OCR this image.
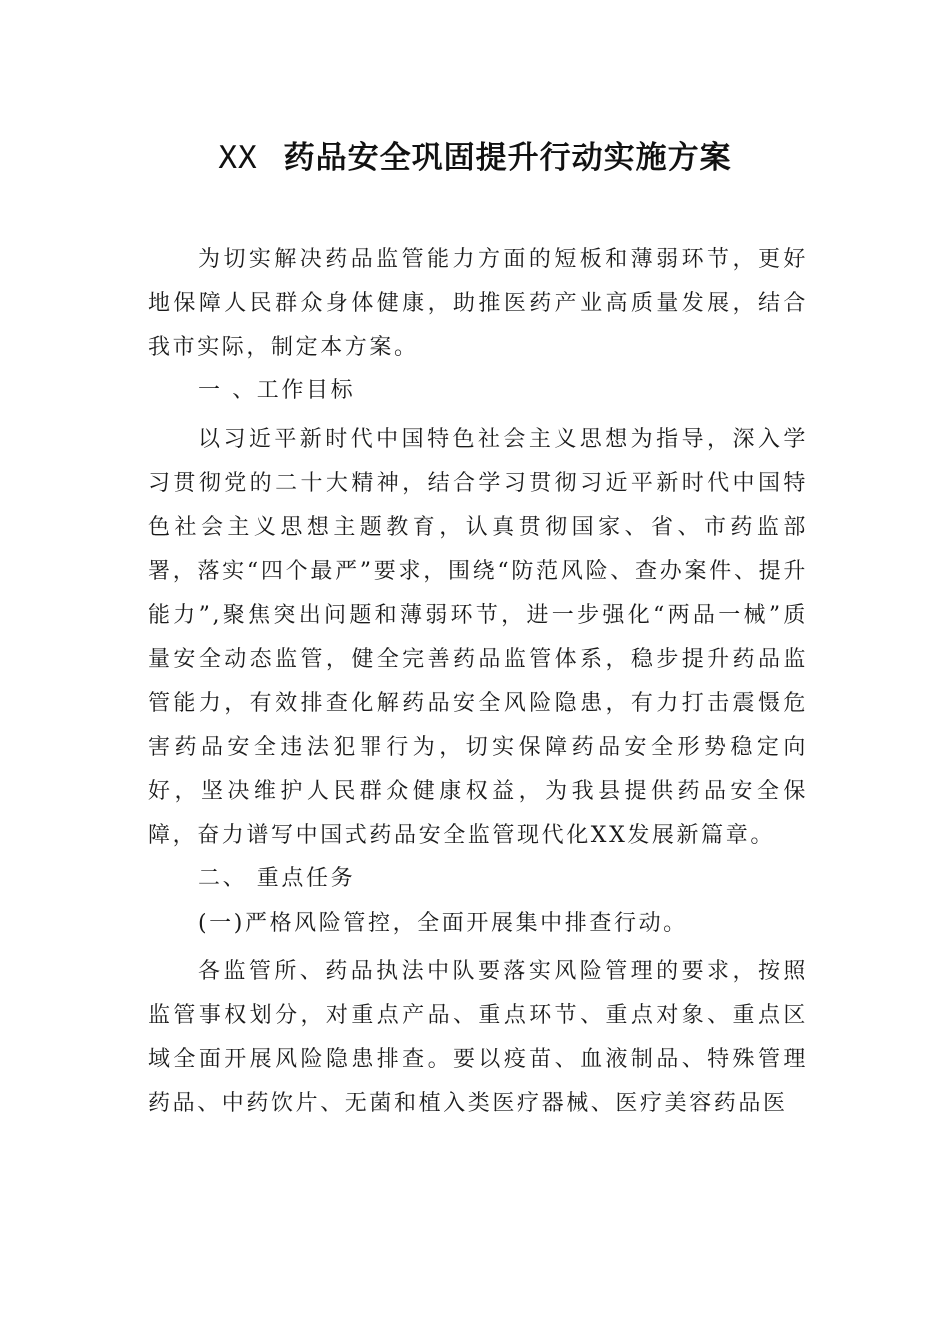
XX 药品安全巩固提升行动实施方案

为切实解决药品监管能力方面的短板和薄弱环节，更好地保障人民群众身体健康，助推医药产业高质量发展，结合我市实际，制定本方案。

一 、工作目标

以习近平新时代中国特色社会主义思想为指导，深入学习贯彻党的二十大精神，结合学习贯彻习近平新时代中国特色社会主义思想主题教育，认真贯彻国家、省、市药监部署，落实“四个最严”要求，围绕“防范风险、查办案件、提升能力”,聚焦突出问题和薄弱环节，进一步强化“两品一械”质量安全动态监管，健全完善药品监管体系，稳步提升药品监管能力，有效排查化解药品安全风险隐患，有力打击震慑危害药品安全违法犯罪行为，切实保障药品安全形势稳定向好，坚决维护人民群众健康权益，为我县提供药品安全保障，奋力谱写中国式药品安全监管现代化XX发展新篇章。

二、 重点任务

(一)严格风险管控，全面开展集中排查行动。

各监管所、药品执法中队要落实风险管理的要求，按照监管事权划分，对重点产品、重点环节、重点对象、重点区域全面开展风险隐患排查。要以疫苗、血液制品、特殊管理药品、中药饮片、无菌和植入类医疗器械、医疗美容药品医
